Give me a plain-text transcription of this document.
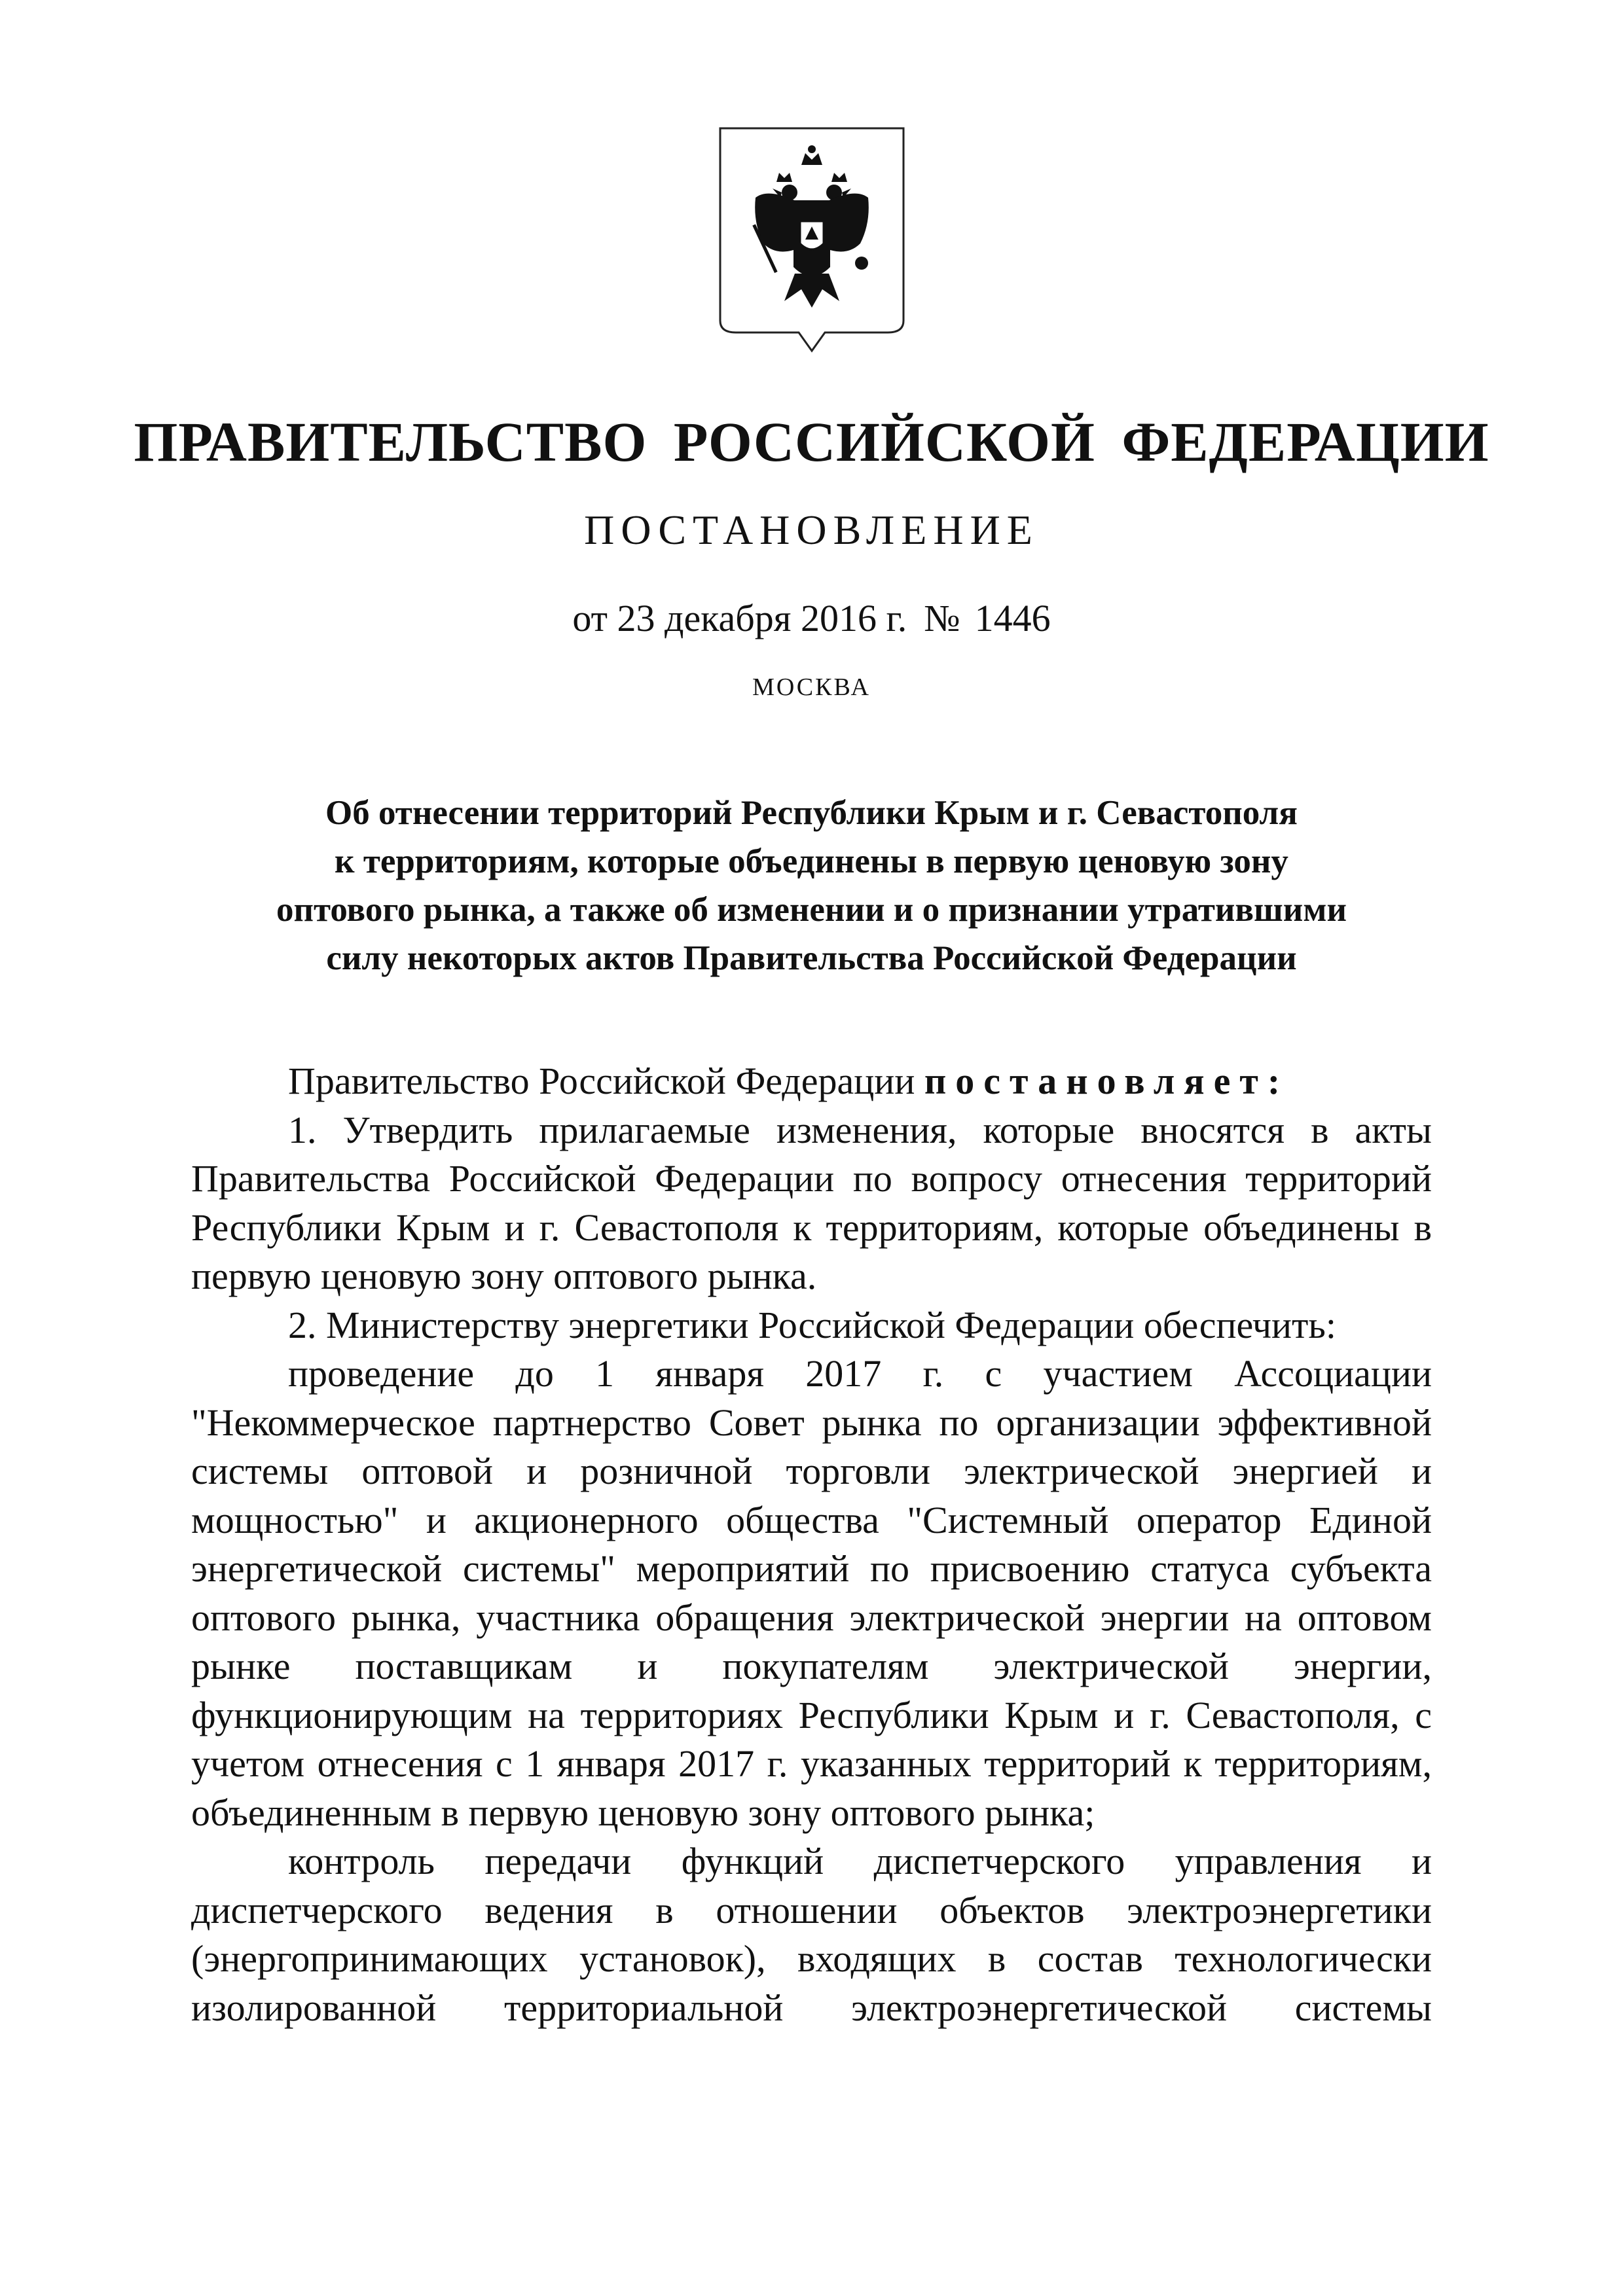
ПРАВИТЕЛЬСТВО РОССИЙСКОЙ ФЕДЕРАЦИИ
ПОСТАНОВЛЕНИЕ
от 23 декабря 2016 г. № 1446
МОСКВА
Об отнесении территорий Республики Крым и г. Севастополя
к территориям, которые объединены в первую ценовую зону
оптового рынка, а также об изменении и о признании утратившими
силу некоторых актов Правительства Российской Федерации

Правительство Российской Федерации постановляет:

1. Утвердить прилагаемые изменения, которые вносятся в акты Правительства Российской Федерации по вопросу отнесения территорий Республики Крым и г. Севастополя к территориям, которые объединены в первую ценовую зону оптового рынка.

2. Министерству энергетики Российской Федерации обеспечить:

проведение до 1 января 2017 г. с участием Ассоциации "Некоммерческое партнерство Совет рынка по организации эффективной системы оптовой и розничной торговли электрической энергией и мощностью" и акционерного общества "Системный оператор Единой энергетической системы" мероприятий по присвоению статуса субъекта оптового рынка, участника обращения электрической энергии на оптовом рынке поставщикам и покупателям электрической энергии, функционирующим на территориях Республики Крым и г. Севастополя, с учетом отнесения с 1 января 2017 г. указанных территорий к территориям, объединенным в первую ценовую зону оптового рынка;

контроль передачи функций диспетчерского управления и диспетчерского ведения в отношении объектов электроэнергетики (энергопринимающих установок), входящих в состав технологически изолированной территориальной электроэнергетической системы
